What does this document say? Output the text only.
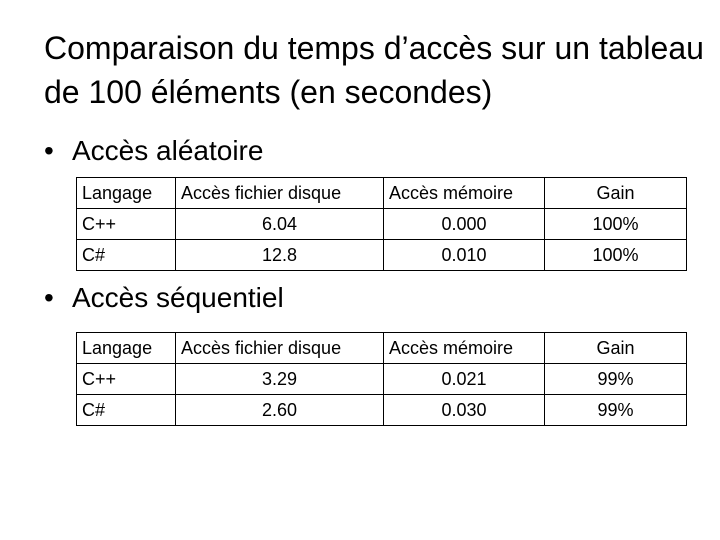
Comparaison du temps d’accès sur un tableau de 100 éléments (en secondes)
• Accès aléatoire
Langage	Accès fichier disque	Accès mémoire	Gain
C++	6.04	0.000	100%
C#	12.8	0.010	100%
• Accès séquentiel
Langage	Accès fichier disque	Accès mémoire	Gain
C++	3.29	0.021	99%
C#	2.60	0.030	99%
